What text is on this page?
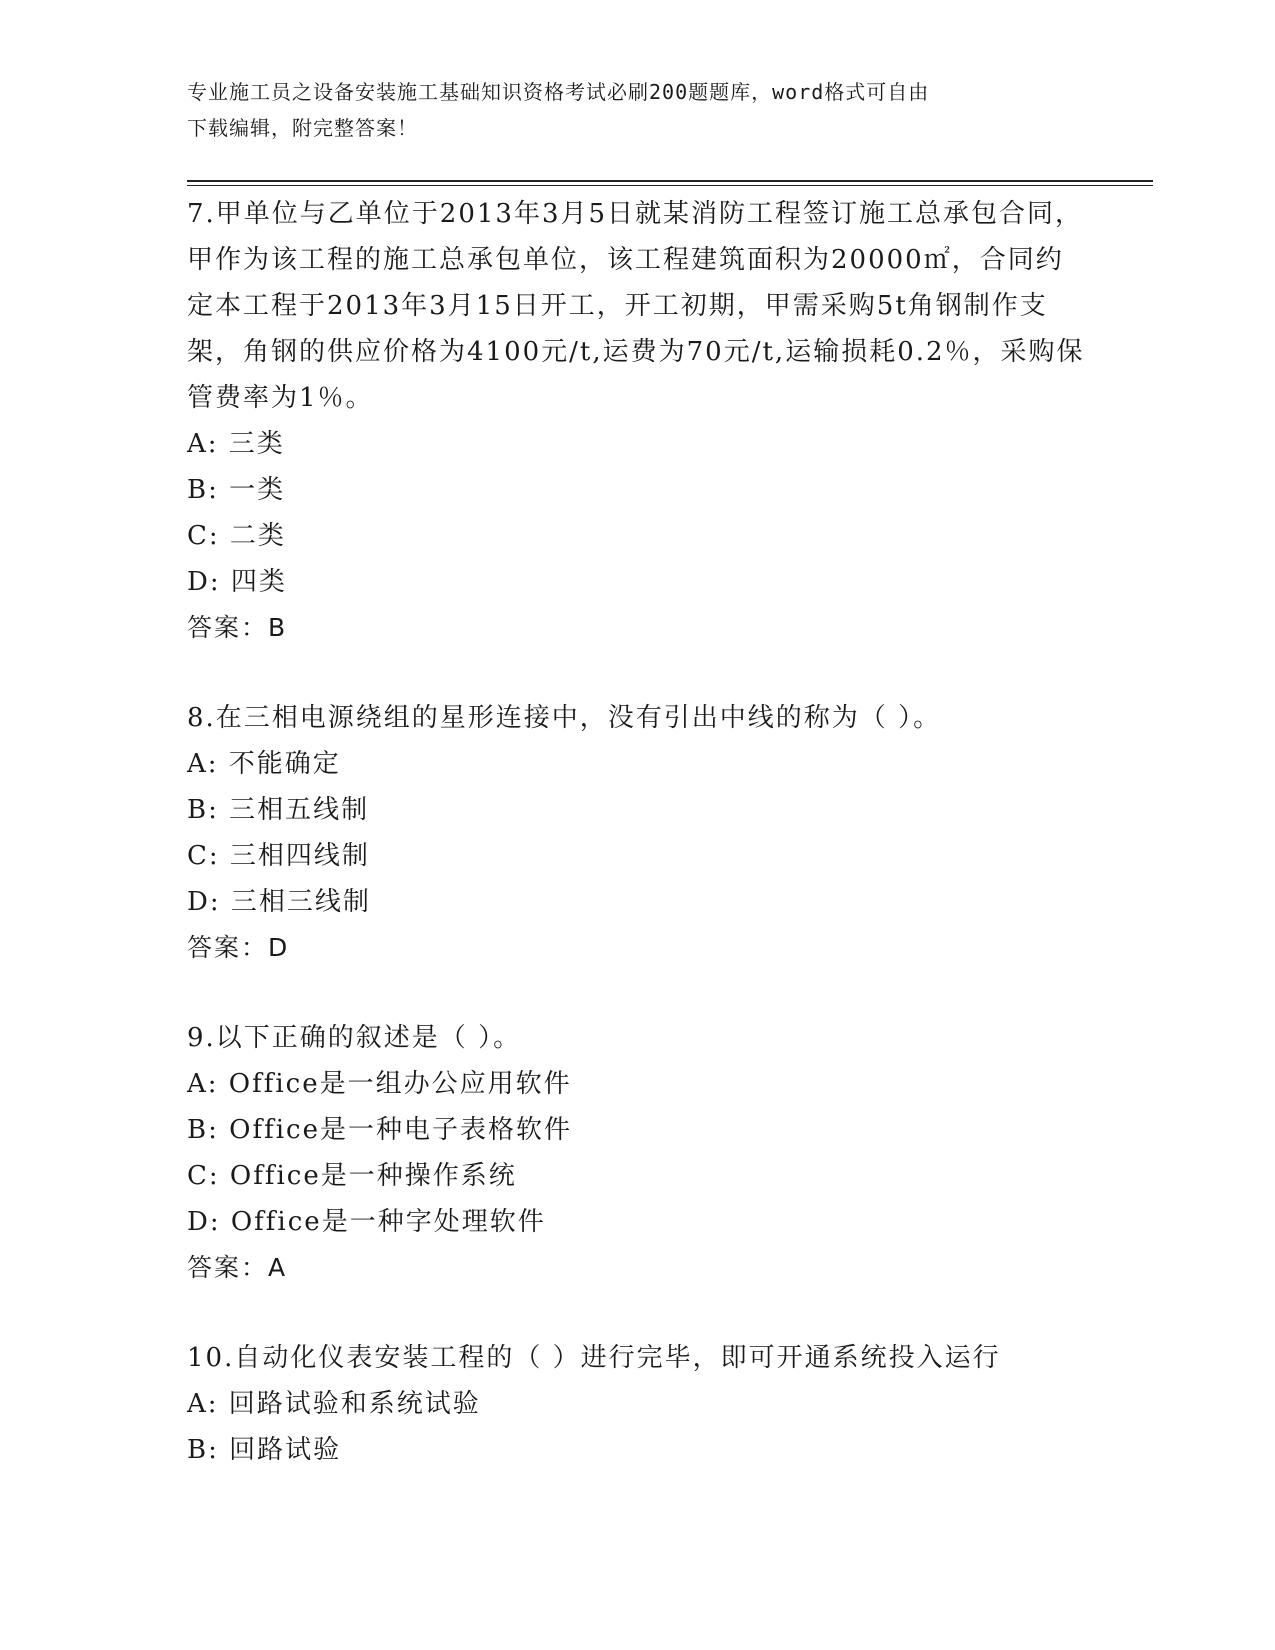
专业施工员之设备安装施工基础知识资格考试必刷200题题库，word格式可自由
下载编辑，附完整答案！

7.甲单位与乙单位于2013年3月5日就某消防工程签订施工总承包合同，甲作为该工程的施工总承包单位，该工程建筑面积为20000㎡，合同约定本工程于2013年3月15日开工，开工初期，甲需采购5t角钢制作支架，角钢的供应价格为4100元/t,运费为70元/t,运输损耗0.2％，采购保管费率为1％。

A: 三类

B: 一类

C: 二类

D: 四类

答案：B

8.在三相电源绕组的星形连接中，没有引出中线的称为（ ）。

A: 不能确定

B: 三相五线制

C: 三相四线制

D: 三相三线制

答案：D

9.以下正确的叙述是（ ）。

A: Office是一组办公应用软件

B: Office是一种电子表格软件

C: Office是一种操作系统

D: Office是一种字处理软件

答案：A

10.自动化仪表安装工程的（ ）进行完毕，即可开通系统投入运行

A: 回路试验和系统试验

B: 回路试验
